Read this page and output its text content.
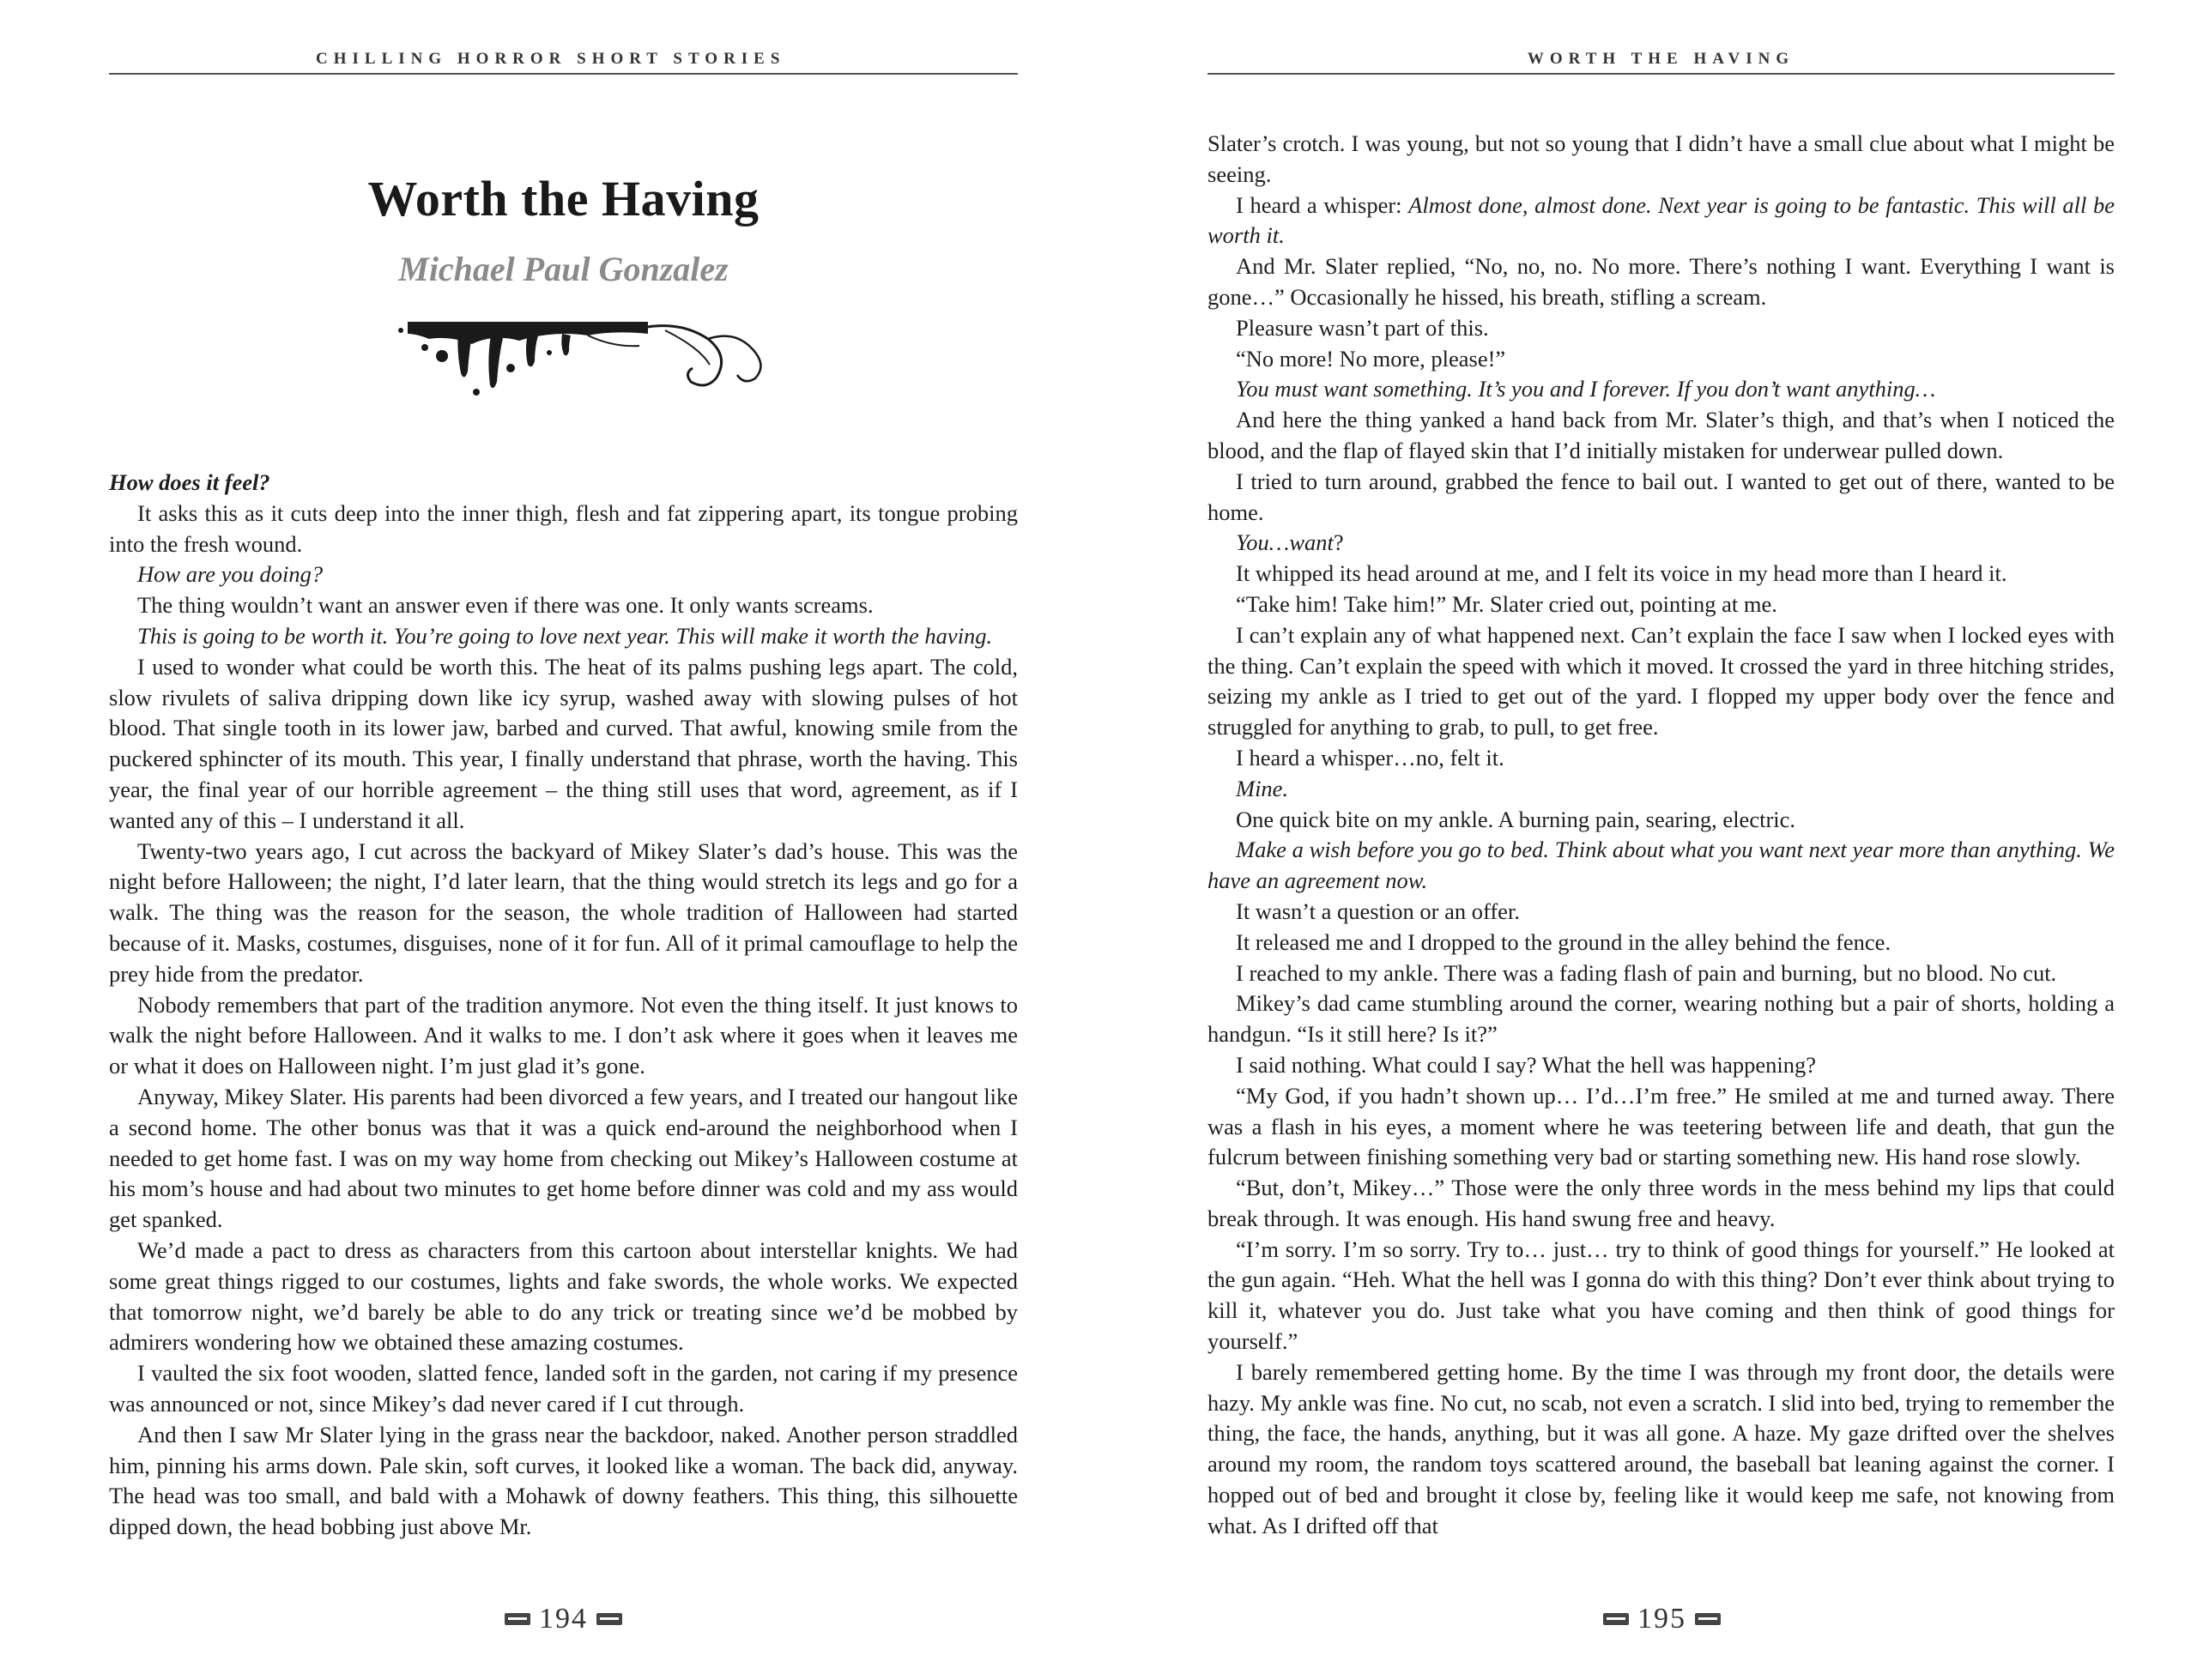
CHILLING HORROR SHORT STORIES
Worth the Having
Michael Paul Gonzalez

How does it feel?

It asks this as it cuts deep into the inner thigh, flesh and fat zippering apart, its tongue probing into the fresh wound.

How are you doing?

The thing wouldn’t want an answer even if there was one. It only wants screams.

This is going to be worth it. You’re going to love next year. This will make it worth the having.

I used to wonder what could be worth this. The heat of its palms pushing legs apart. The cold, slow rivulets of saliva dripping down like icy syrup, washed away with slowing pulses of hot blood. That single tooth in its lower jaw, barbed and curved. That awful, knowing smile from the puckered sphincter of its mouth. This year, I finally understand that phrase, worth the having. This year, the final year of our horrible agreement – the thing still uses that word, agreement, as if I wanted any of this – I understand it all.

Twenty-two years ago, I cut across the backyard of Mikey Slater’s dad’s house. This was the night before Halloween; the night, I’d later learn, that the thing would stretch its legs and go for a walk. The thing was the reason for the season, the whole tradition of Halloween had started because of it. Masks, costumes, disguises, none of it for fun. All of it primal camouflage to help the prey hide from the predator.

Nobody remembers that part of the tradition anymore. Not even the thing itself. It just knows to walk the night before Halloween. And it walks to me. I don’t ask where it goes when it leaves me or what it does on Halloween night. I’m just glad it’s gone.

Anyway, Mikey Slater. His parents had been divorced a few years, and I treated our hangout like a second home. The other bonus was that it was a quick end-around the neighborhood when I needed to get home fast. I was on my way home from checking out Mikey’s Halloween costume at his mom’s house and had about two minutes to get home before dinner was cold and my ass would get spanked.

We’d made a pact to dress as characters from this cartoon about interstellar knights. We had some great things rigged to our costumes, lights and fake swords, the whole works. We expected that tomorrow night, we’d barely be able to do any trick or treating since we’d be mobbed by admirers wondering how we obtained these amazing costumes.

I vaulted the six foot wooden, slatted fence, landed soft in the garden, not caring if my presence was announced or not, since Mikey’s dad never cared if I cut through.

And then I saw Mr Slater lying in the grass near the backdoor, naked. Another person straddled him, pinning his arms down. Pale skin, soft curves, it looked like a woman. The back did, anyway. The head was too small, and bald with a Mohawk of downy feathers. This thing, this silhouette dipped down, the head bobbing just above Mr.

194
WORTH THE HAVING

Slater’s crotch. I was young, but not so young that I didn’t have a small clue about what I might be seeing.

I heard a whisper: Almost done, almost done. Next year is going to be fantastic. This will all be worth it.

And Mr. Slater replied, “No, no, no. No more. There’s nothing I want. Everything I want is gone…” Occasionally he hissed, his breath, stifling a scream.

Pleasure wasn’t part of this.

“No more! No more, please!”

You must want something. It’s you and I forever. If you don’t want anything…

And here the thing yanked a hand back from Mr. Slater’s thigh, and that’s when I noticed the blood, and the flap of flayed skin that I’d initially mistaken for underwear pulled down.

I tried to turn around, grabbed the fence to bail out. I wanted to get out of there, wanted to be home.

You…want?

It whipped its head around at me, and I felt its voice in my head more than I heard it.

“Take him! Take him!” Mr. Slater cried out, pointing at me.

I can’t explain any of what happened next. Can’t explain the face I saw when I locked eyes with the thing. Can’t explain the speed with which it moved. It crossed the yard in three hitching strides, seizing my ankle as I tried to get out of the yard. I flopped my upper body over the fence and struggled for anything to grab, to pull, to get free.

I heard a whisper…no, felt it.

Mine.

One quick bite on my ankle. A burning pain, searing, electric.

Make a wish before you go to bed. Think about what you want next year more than anything. We have an agreement now.

It wasn’t a question or an offer.

It released me and I dropped to the ground in the alley behind the fence.

I reached to my ankle. There was a fading flash of pain and burning, but no blood. No cut.

Mikey’s dad came stumbling around the corner, wearing nothing but a pair of shorts, holding a handgun. “Is it still here? Is it?”

I said nothing. What could I say? What the hell was happening?

“My God, if you hadn’t shown up… I’d…I’m free.” He smiled at me and turned away. There was a flash in his eyes, a moment where he was teetering between life and death, that gun the fulcrum between finishing something very bad or starting something new. His hand rose slowly.

“But, don’t, Mikey…” Those were the only three words in the mess behind my lips that could break through. It was enough. His hand swung free and heavy.

“I’m sorry. I’m so sorry. Try to… just… try to think of good things for yourself.” He looked at the gun again. “Heh. What the hell was I gonna do with this thing? Don’t ever think about trying to kill it, whatever you do. Just take what you have coming and then think of good things for yourself.”

I barely remembered getting home. By the time I was through my front door, the details were hazy. My ankle was fine. No cut, no scab, not even a scratch. I slid into bed, trying to remember the thing, the face, the hands, anything, but it was all gone. A haze. My gaze drifted over the shelves around my room, the random toys scattered around, the baseball bat leaning against the corner. I hopped out of bed and brought it close by, feeling like it would keep me safe, not knowing from what. As I drifted off that

195
